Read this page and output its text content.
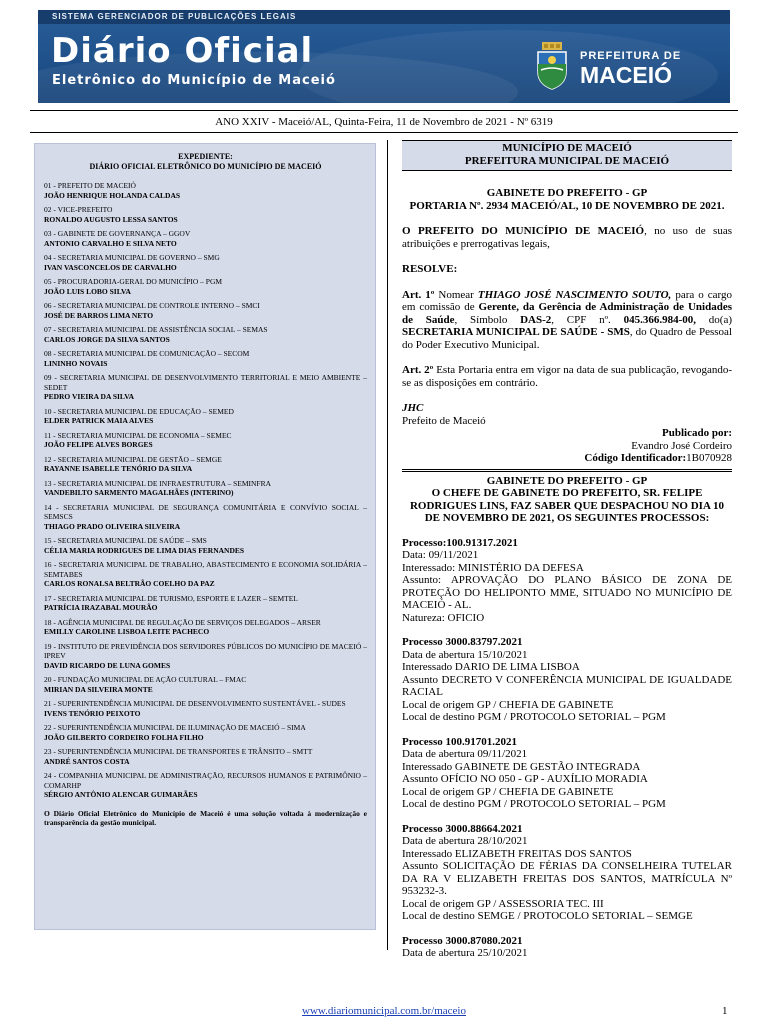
SISTEMA GERENCIADOR DE PUBLICAÇÕES LEGAIS
Diário Oficial
Eletrônico do Município de Maceió
PREFEITURA DE
MACEIÓ
ANO XXIV - Maceió/AL, Quinta-Feira, 11 de Novembro de 2021 - Nº 6319
EXPEDIENTE:
DIÁRIO OFICIAL ELETRÔNICO DO MUNICÍPIO DE MACEIÓ
01 - PREFEITO DE MACEIÓ
JOÃO HENRIQUE HOLANDA CALDAS
02 - VICE-PREFEITO
RONALDO AUGUSTO LESSA SANTOS
03 - GABINETE DE GOVERNANÇA – GGOV
ANTONIO CARVALHO E SILVA NETO
04 - SECRETARIA MUNICIPAL DE GOVERNO – SMG
IVAN VASCONCELOS DE CARVALHO
05 - PROCURADORIA-GERAL DO MUNICÍPIO – PGM
JOÃO LUIS LOBO SILVA
06 - SECRETARIA MUNICIPAL DE CONTROLE INTERNO – SMCI
JOSÉ DE BARROS LIMA NETO
07 - SECRETARIA MUNICIPAL DE ASSISTÊNCIA SOCIAL – SEMAS
CARLOS JORGE DA SILVA SANTOS
08 - SECRETARIA MUNICIPAL DE COMUNICAÇÃO – SECOM
LININHO NOVAIS
09 - SECRETARIA MUNICIPAL DE DESENVOLVIMENTO TERRITORIAL E MEIO AMBIENTE – SEDET
PEDRO VIEIRA DA SILVA
10 - SECRETARIA MUNICIPAL DE EDUCAÇÃO – SEMED
ELDER PATRICK MAIA ALVES
11 - SECRETARIA MUNICIPAL DE ECONOMIA – SEMEC
JOÃO FELIPE ALVES BORGES
12 - SECRETARIA MUNICIPAL DE GESTÃO – SEMGE
RAYANNE ISABELLE TENÓRIO DA SILVA
13 - SECRETARIA MUNICIPAL DE INFRAESTRUTURA – SEMINFRA
VANDEBILTO SARMENTO MAGALHÃES (INTERINO)
14 - SECRETARIA MUNICIPAL DE SEGURANÇA COMUNITÁRIA E CONVÍVIO SOCIAL – SEMSCS
THIAGO PRADO OLIVEIRA SILVEIRA
15 - SECRETARIA MUNICIPAL DE SAÚDE – SMS
CÉLIA MARIA RODRIGUES DE LIMA DIAS FERNANDES
16 - SECRETARIA MUNICIPAL DE TRABALHO, ABASTECIMENTO E ECONOMIA SOLIDÁRIA – SEMTABES
CARLOS RONALSA BELTRÃO COELHO DA PAZ
17 - SECRETARIA MUNICIPAL DE TURISMO, ESPORTE E LAZER – SEMTEL
PATRÍCIA IRAZABAL MOURÃO
18 - AGÊNCIA MUNICIPAL DE REGULAÇÃO DE SERVIÇOS DELEGADOS – ARSER
EMILLY CAROLINE LISBOA LEITE PACHECO
19 - INSTITUTO DE PREVIDÊNCIA DOS SERVIDORES PÚBLICOS DO MUNICÍPIO DE MACEIÓ – IPREV
DAVID RICARDO DE LUNA GOMES
20 - FUNDAÇÃO MUNICIPAL DE AÇÃO CULTURAL – FMAC
MIRIAN DA SILVEIRA MONTE
21 - SUPERINTENDÊNCIA MUNICIPAL DE DESENVOLVIMENTO SUSTENTÁVEL - SUDES
IVENS TENÓRIO PEIXOTO
22 - SUPERINTENDÊNCIA MUNICIPAL DE ILUMINAÇÃO DE MACEIÓ – SIMA
JOÃO GILBERTO CORDEIRO FOLHA FILHO
23 - SUPERINTENDÊNCIA MUNICIPAL DE TRANSPORTES E TRÂNSITO – SMTT
ANDRÉ SANTOS COSTA
24 - COMPANHIA MUNICIPAL DE ADMINISTRAÇÃO, RECURSOS HUMANOS E PATRIMÔNIO – COMARHP
SÉRGIO ANTÔNIO ALENCAR GUIMARÃES
O Diário Oficial Eletrônico do Município de Maceió é uma solução voltada à modernização e transparência da gestão municipal.
MUNICÍPIO DE MACEIÓ
PREFEITURA MUNICIPAL DE MACEIÓ

GABINETE DO PREFEITO - GP

PORTARIA Nº. 2934 MACEIÓ/AL, 10 DE NOVEMBRO DE 2021.

O PREFEITO DO MUNICÍPIO DE MACEIÓ, no uso de suas atribuições e prerrogativas legais,

RESOLVE:

Art. 1º Nomear THIAGO JOSÉ NASCIMENTO SOUTO, para o cargo em comissão de Gerente, da Gerência de Administração de Unidades de Saúde, Símbolo DAS-2, CPF nº. 045.366.984-00, do(a) SECRETARIA MUNICIPAL DE SAÚDE - SMS, do Quadro de Pessoal do Poder Executivo Municipal.

Art. 2º Esta Portaria entra em vigor na data de sua publicação, revogando-se as disposições em contrário.

JHC

Prefeito de Maceió

Publicado por:

Evandro José Cordeiro

Código Identificador:1B070928

GABINETE DO PREFEITO - GP

O CHEFE DE GABINETE DO PREFEITO, SR. FELIPE RODRIGUES LINS, FAZ SABER QUE DESPACHOU NO DIA 10 DE NOVEMBRO DE 2021, OS SEGUINTES PROCESSOS:

Processo:100.91317.2021

Data: 09/11/2021

Interessado: MINISTÉRIO DA DEFESA

Assunto: APROVAÇÃO DO PLANO BÁSICO DE ZONA DE PROTEÇÃO DO HELIPONTO MME, SITUADO NO MUNICÍPIO DE MACEIÓ - AL.

Natureza: OFICIO

Processo 3000.83797.2021

Data de abertura 15/10/2021

Interessado DARIO DE LIMA LISBOA

Assunto DECRETO V CONFERÊNCIA MUNICIPAL DE IGUALDADE RACIAL

Local de origem GP / CHEFIA DE GABINETE

Local de destino PGM / PROTOCOLO SETORIAL – PGM

Processo 100.91701.2021

Data de abertura 09/11/2021

Interessado GABINETE DE GESTÃO INTEGRADA

Assunto OFÍCIO NO 050 - GP - AUXÍLIO MORADIA

Local de origem GP / CHEFIA DE GABINETE

Local de destino PGM / PROTOCOLO SETORIAL – PGM

Processo 3000.88664.2021

Data de abertura 28/10/2021

Interessado ELIZABETH FREITAS DOS SANTOS

Assunto SOLICITAÇÃO DE FÉRIAS DA CONSELHEIRA TUTELAR DA RA V ELIZABETH FREITAS DOS SANTOS, MATRÍCULA Nº 953232-3.

Local de origem GP / ASSESSORIA TEC. III

Local de destino SEMGE / PROTOCOLO SETORIAL – SEMGE

Processo 3000.87080.2021

Data de abertura 25/10/2021

www.diariomunicipal.com.br/maceio	1
